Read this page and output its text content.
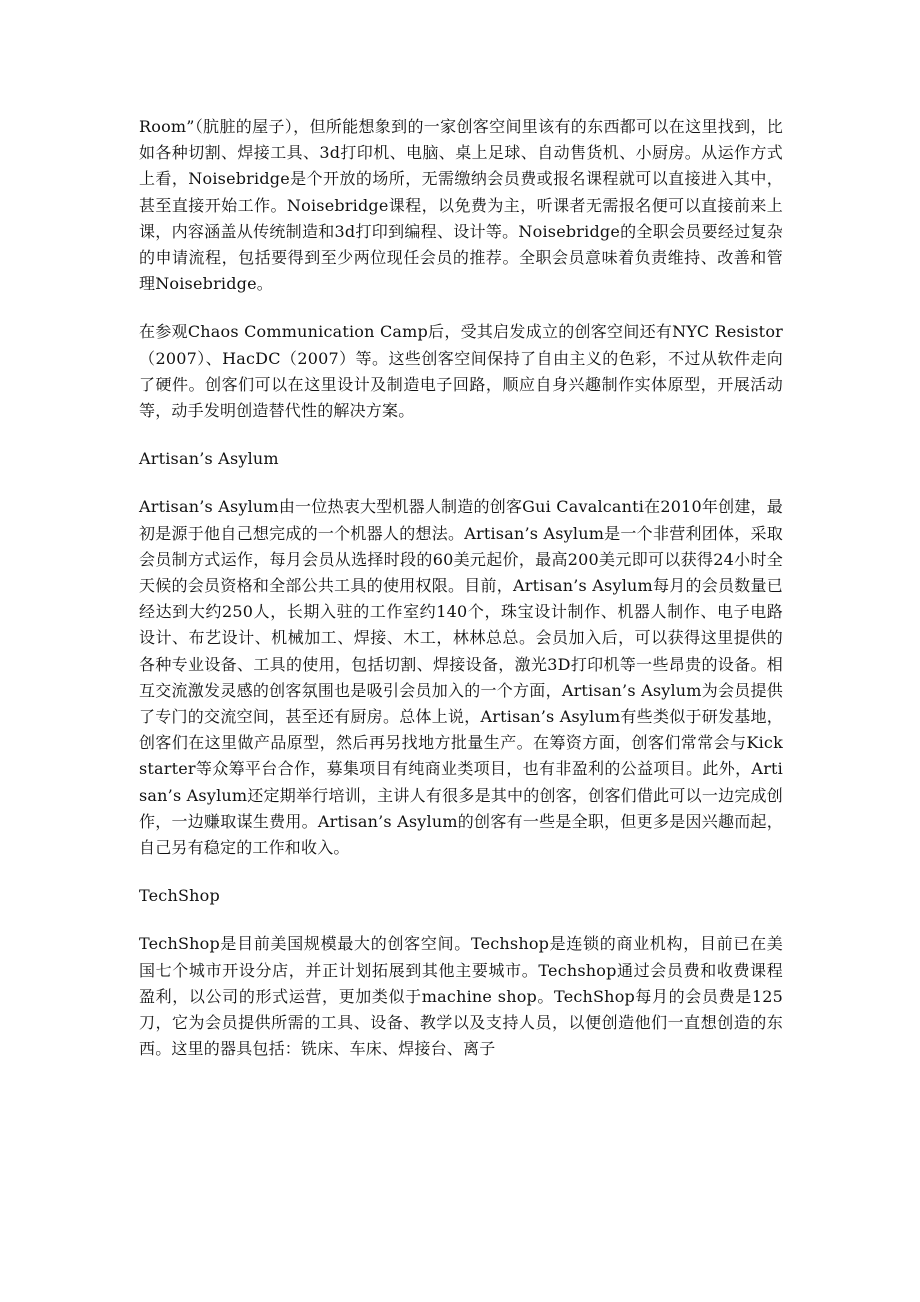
Room”（肮脏的屋子），但所能想象到的一家创客空间里该有的东西都可以在这里找到，比如各种切割、焊接工具、3d打印机、电脑、桌上足球、自动售货机、小厨房。从运作方式上看，Noisebridge是个开放的场所，无需缴纳会员费或报名课程就可以直接进入其中，甚至直接开始工作。Noisebridge课程，以免费为主，听课者无需报名便可以直接前来上课，内容涵盖从传统制造和3d打印到编程、设计等。Noisebridge的全职会员要经过复杂的申请流程，包括要得到至少两位现任会员的推荐。全职会员意味着负责维持、改善和管理Noisebridge。

在参观Chaos Communication Camp后，受其启发成立的创客空间还有NYC Resistor（2007）、HacDC（2007）等。这些创客空间保持了自由主义的色彩，不过从软件走向了硬件。创客们可以在这里设计及制造电子回路，顺应自身兴趣制作实体原型，开展活动等，动手发明创造替代性的解决方案。

Artisan’s Asylum

Artisan’s Asylum由一位热衷大型机器人制造的创客Gui Cavalcanti在2010年创建，最初是源于他自己想完成的一个机器人的想法。Artisan’s Asylum是一个非营利团体，采取会员制方式运作，每月会员从选择时段的60美元起价，最高200美元即可以获得24小时全天候的会员资格和全部公共工具的使用权限。目前，Artisan’s Asylum每月的会员数量已经达到大约250人，长期入驻的工作室约140个，珠宝设计制作、机器人制作、电子电路设计、布艺设计、机械加工、焊接、木工，林林总总。会员加入后，可以获得这里提供的各种专业设备、工具的使用，包括切割、焊接设备，激光3D打印机等一些昂贵的设备。相互交流激发灵感的创客氛围也是吸引会员加入的一个方面，Artisan’s Asylum为会员提供了专门的交流空间，甚至还有厨房。总体上说，Artisan’s Asylum有些类似于研发基地，创客们在这里做产品原型，然后再另找地方批量生产。在筹资方面，创客们常常会与Kickstarter等众筹平台合作，募集项目有纯商业类项目，也有非盈利的公益项目。此外，Artisan’s Asylum还定期举行培训，主讲人有很多是其中的创客，创客们借此可以一边完成创作，一边赚取谋生费用。Artisan’s Asylum的创客有一些是全职，但更多是因兴趣而起，自己另有稳定的工作和收入。

TechShop

TechShop是目前美国规模最大的创客空间。Techshop是连锁的商业机构，目前已在美国七个城市开设分店，并正计划拓展到其他主要城市。Techshop通过会员费和收费课程盈利，以公司的形式运营，更加类似于machine shop。TechShop每月的会员费是125刀，它为会员提供所需的工具、设备、教学以及支持人员，以便创造他们一直想创造的东西。这里的器具包括：铣床、车床、焊接台、离子
